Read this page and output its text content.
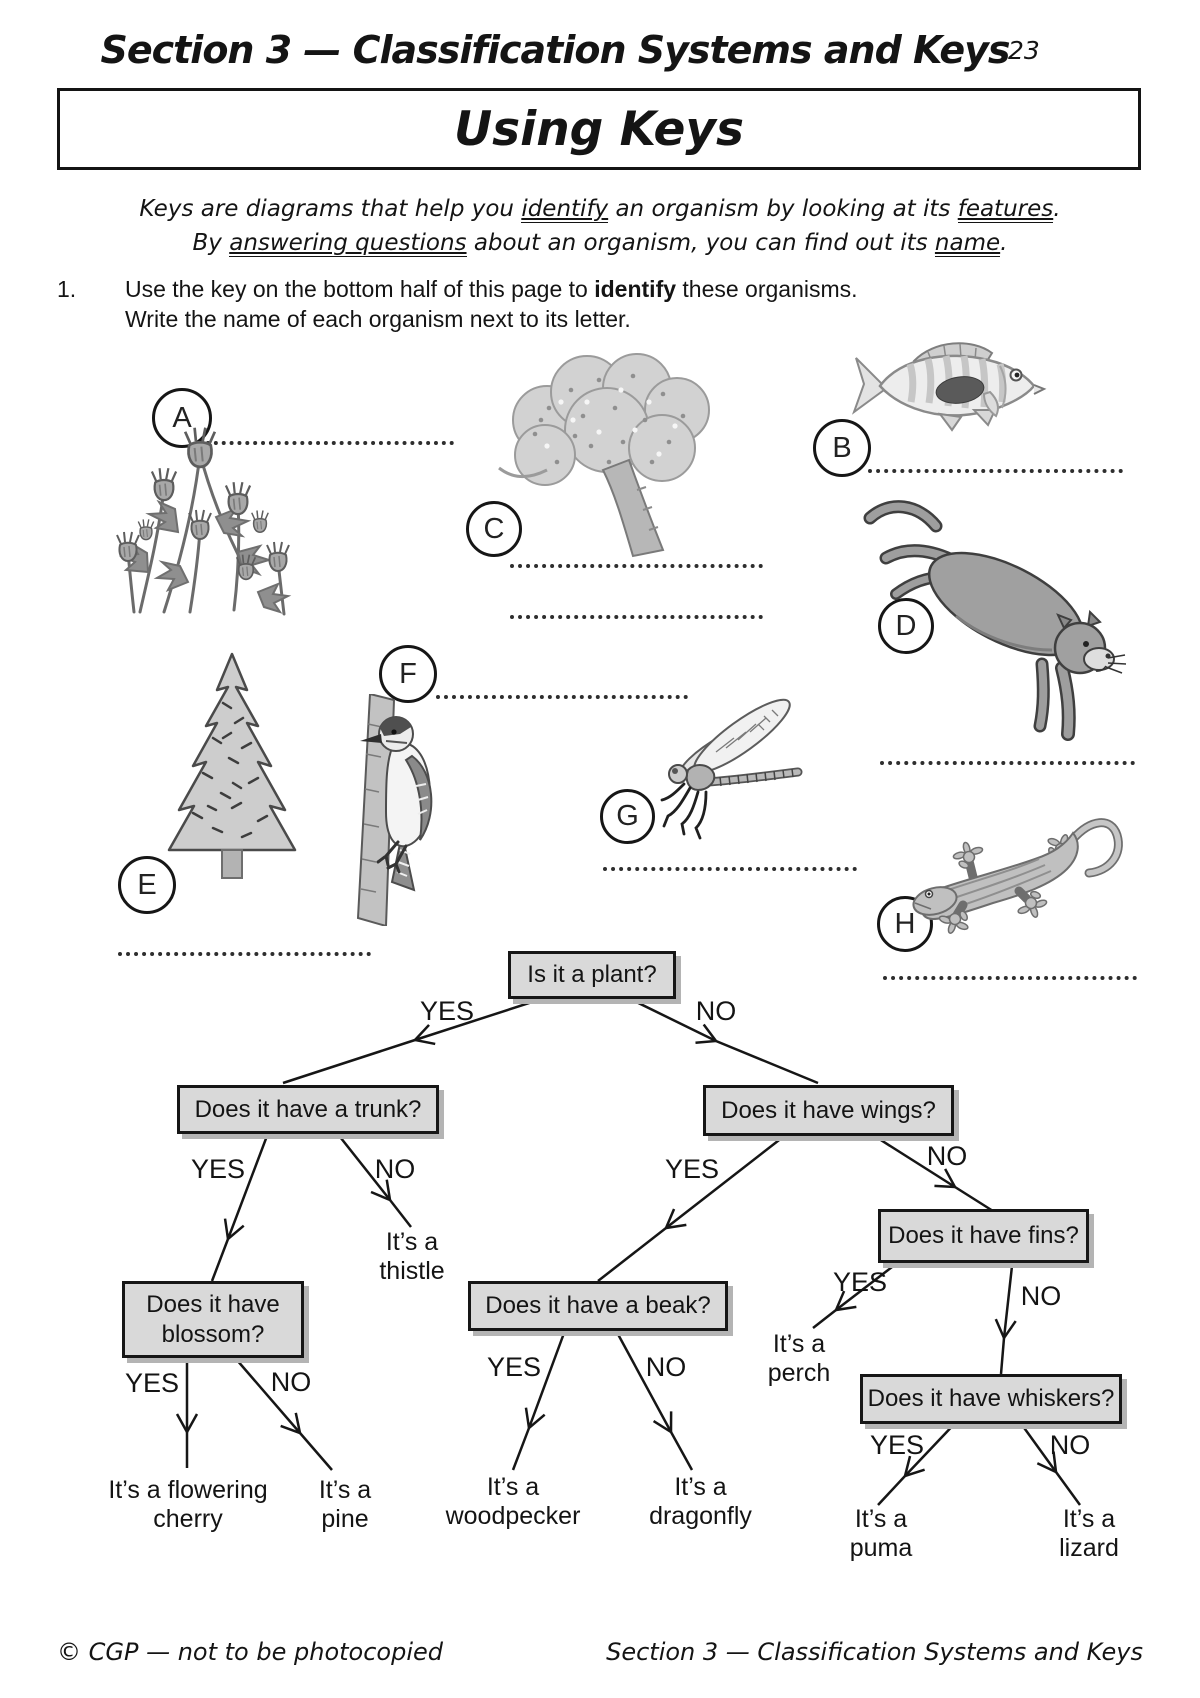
Section 3 — Classification Systems and Keys
23
Using Keys
Keys are diagrams that help you identify an organism by looking at its features.
By answering questions about an organism, you can find out its name.
1. Use the key on the bottom half of this page to identify these organisms.
Write the name of each organism next to its letter.
A
B
C
D
E
F
G
H
Is it a plant?
Does it have a trunk?	Does it have wings?
Does it have
blossom?
Does it have a beak?
Does it have fins?
Does it have whiskers?
YES	NO
YES	NO
YES	NO
YES	NO
YES	NO
YES	NO
YES	NO
It’s a
thistle
It’s a flowering
cherry
It’s a
pine
It’s a
woodpecker
It’s a
dragonfly
It’s a
perch
It’s a
puma
It’s a
lizard
© CGP — not to be photocopied	Section 3 — Classification Systems and Keys
